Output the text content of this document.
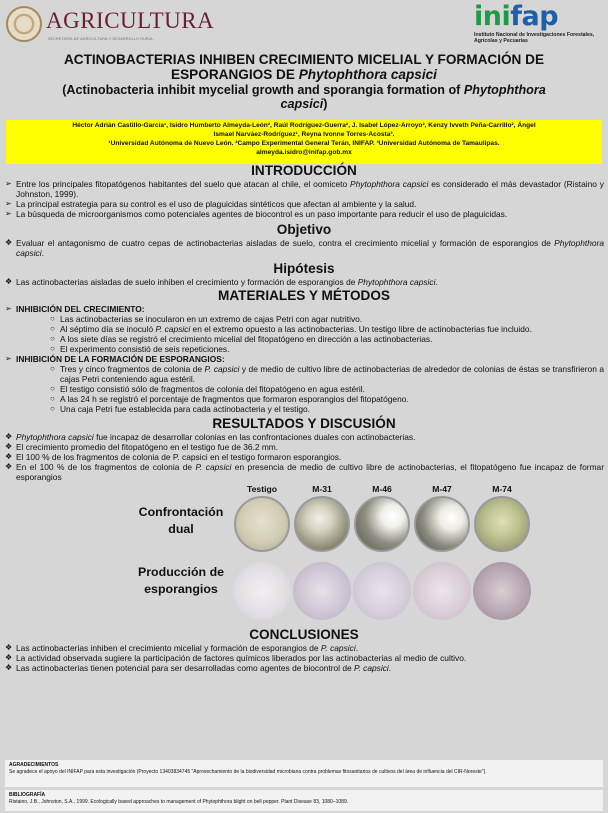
AGRICULTURA
SECRETARÍA DE AGRICULTURA Y DESARROLLO RURAL
inifap
Instituto Nacional de Investigaciones Forestales, Agrícolas y Pecuarias
ACTINOBACTERIAS INHIBEN CRECIMIENTO MICELIAL Y FORMACIÓN DE
ESPORANGIOS DE Phytophthora capsici
(Actinobacteria inhibit mycelial growth and sporangia formation of Phytophthora
capsici)
Héctor Adrián Castillo-García¹, Isidro Humberto Almeyda-León², Raúl Rodríguez-Guerra², J. Isabel López-Arroyo², Kenzy Ivveth Peña-Carrillo², Ángel
Ismael Narváez-Rodríguez¹, Reyna Ivonne Torres-Acosta³.
¹Universidad Autónoma de Nuevo León. ²Campo Experimental General Terán, INIFAP. ³Universidad Autónoma de Tamaulipas.
almeyda.isidro@inifap.gob.mx
INTRODUCCIÓN
➢ Entre los principales fitopatógenos habitantes del suelo que atacan al chile, el oomiceto Phytophthora capsici es considerado el más devastador (Ristaino y Johnston, 1999).
➢ La principal estrategia para su control es el uso de plaguicidas sintéticos que afectan al ambiente y la salud.
➢ La búsqueda de microorganismos como potenciales agentes de biocontrol es un paso importante para reducir el uso de plaguicidas.
Objetivo
❖ Evaluar el antagonismo de cuatro cepas de actinobacterias aisladas de suelo, contra el crecimiento micelial y formación de esporangios de Phytophthora capsici.
Hipótesis
❖ Las actinobacterias aisladas de suelo inhiben el crecimiento y formación de esporangios de Phytophthora capsici.
MATERIALES Y MÉTODOS
➢ INHIBICIÓN DEL CRECIMIENTO:
○ Las actinobacterias se inocularon en un extremo de cajas Petri con agar nutritivo.
○ Al séptimo día se inoculó P. capsici en el extremo opuesto a las actinobacterias. Un testigo libre de actinobacterias fue incluido.
○ A los siete días se registró el crecimiento micelial del fitopatógeno en dirección a las actinobacterias.
○ El experimento consistió de seis repeticiones.
➢ INHIBICIÓN DE LA FORMACIÓN DE ESPORANGIOS:
○ Tres y cinco fragmentos de colonia de P. capsici y de medio de cultivo libre de actinobacterias de alrededor de colonias de éstas se transfirieron a cajas Petri conteniendo agua estéril.
○ El testigo consistió sólo de fragmentos de colonia del fitopatógeno en agua estéril.
○ A las 24 h se registró el porcentaje de fragmentos que formaron esporangios del fitopatógeno.
○ Una caja Petri fue establecida para cada actinobacteria y el testigo.
RESULTADOS Y DISCUSIÓN
❖ Phytophthora capsici fue incapaz de desarrollar colonias en las confrontaciones duales con actinobacterias.
❖ El crecimiento promedio del fitopatógeno en el testigo fue de 36.2 mm.
❖ El 100 % de los fragmentos de colonia de P. capsici en el testigo formaron esporangios.
❖ En el 100 % de los fragmentos de colonia de P. capsici en presencia de medio de cultivo libre de actinobacterias, el fitopatógeno fue incapaz de formar esporangios
Testigo	M-31	M-46	M-47	M-74
Confrontación dual
Producción de esporangios
CONCLUSIONES
❖ Las actinobacterias inhiben el crecimiento micelial y formación de esporangios de P. capsici.
❖ La actividad observada sugiere la participación de factores químicos liberados por las actinobacterias al medio de cultivo.
❖ Las actinobacterias tienen potencial para ser desarrolladas como agentes de biocontrol de P. capsici.
AGRADECIMIENTOS
Se agradece el apoyo del INIFAP para esta investigación (Proyecto 13403834745 "Aprovechamiento de la biodiversidad microbiana contra problemas fitosanitarios de cultivos del área de influencia del CIR-Noreste").
BIBLIOGRAFÍA
Ristaino, J.B., Johnston, S.A., 1999. Ecologically based approaches to management of Phytophthora blight on bell pepper. Plant Disease 83, 1080–1089.
